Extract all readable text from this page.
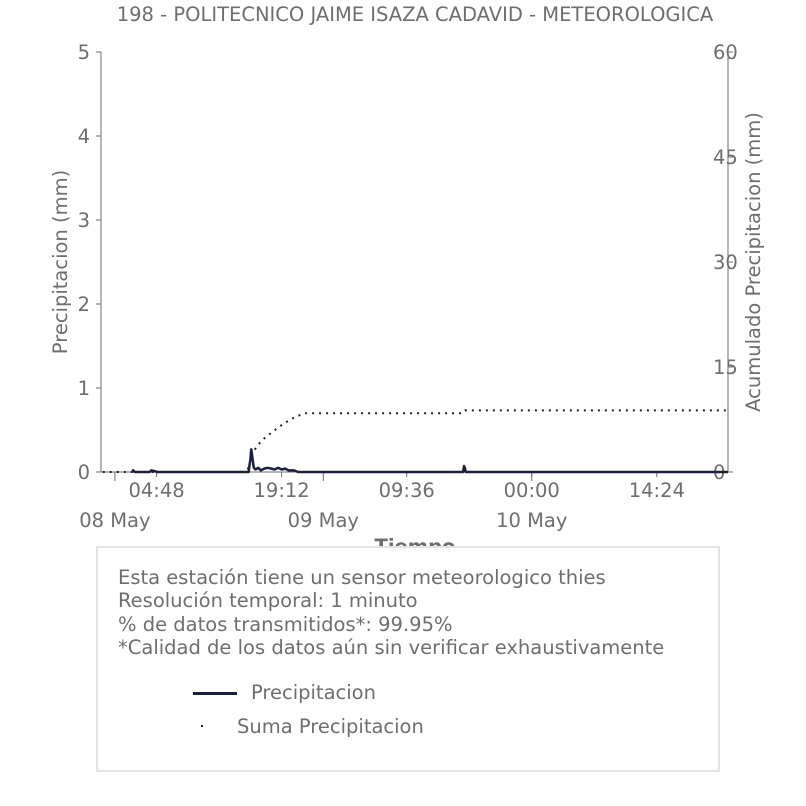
198 - POLITECNICO JAIME ISAZA CADAVID - METEOROLOGICA
0
1
2
3
4
5
0
15
30
45
60
04:48	19:12	09:36	00:00	14:24
08 May	09 May	10 May
Precipitacion (mm)	Acumulado Precipitacion (mm)
Esta estación tiene un sensor meteorologico thies
Resolución temporal: 1 minuto
% de datos transmitidos*: 99.95%
*Calidad de los datos aún sin verificar exhaustivamente
Precipitacion
Suma Precipitacion
